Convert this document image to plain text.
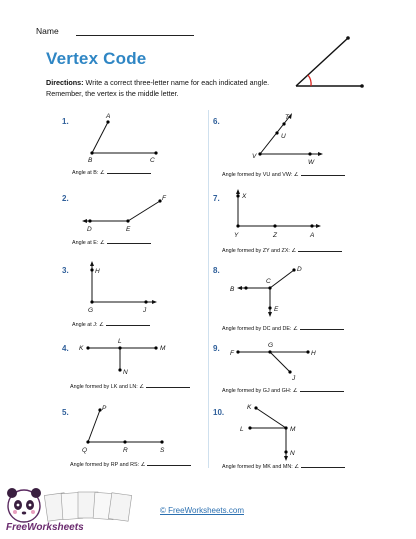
Name
Vertex Code
Directions: Write a correct three-letter name for each indicated angle. Remember, the vertex is the middle letter.
1.
A
B	C
Angle at B: ∠
2.	F
D	E
Angle at E: ∠
3.	H
G	J
Angle at J: ∠
4. K
L
M
N
Angle formed by LK and LN: ∠
5.	P
Q	R	S
Angle formed by RP and RS: ∠
6.	T
U
V
W
Angle formed by VU and VW: ∠
7.	X
Y	Z	A
Angle formed by ZY and ZX: ∠
8.	D
C
B
E
Angle formed by DC and DE: ∠
9.
F
G
H
J
Angle formed by GJ and GH: ∠
10.
K
L	M
N
Angle formed by MK and MN: ∠
FreeWorksheets
© FreeWorksheets.com
